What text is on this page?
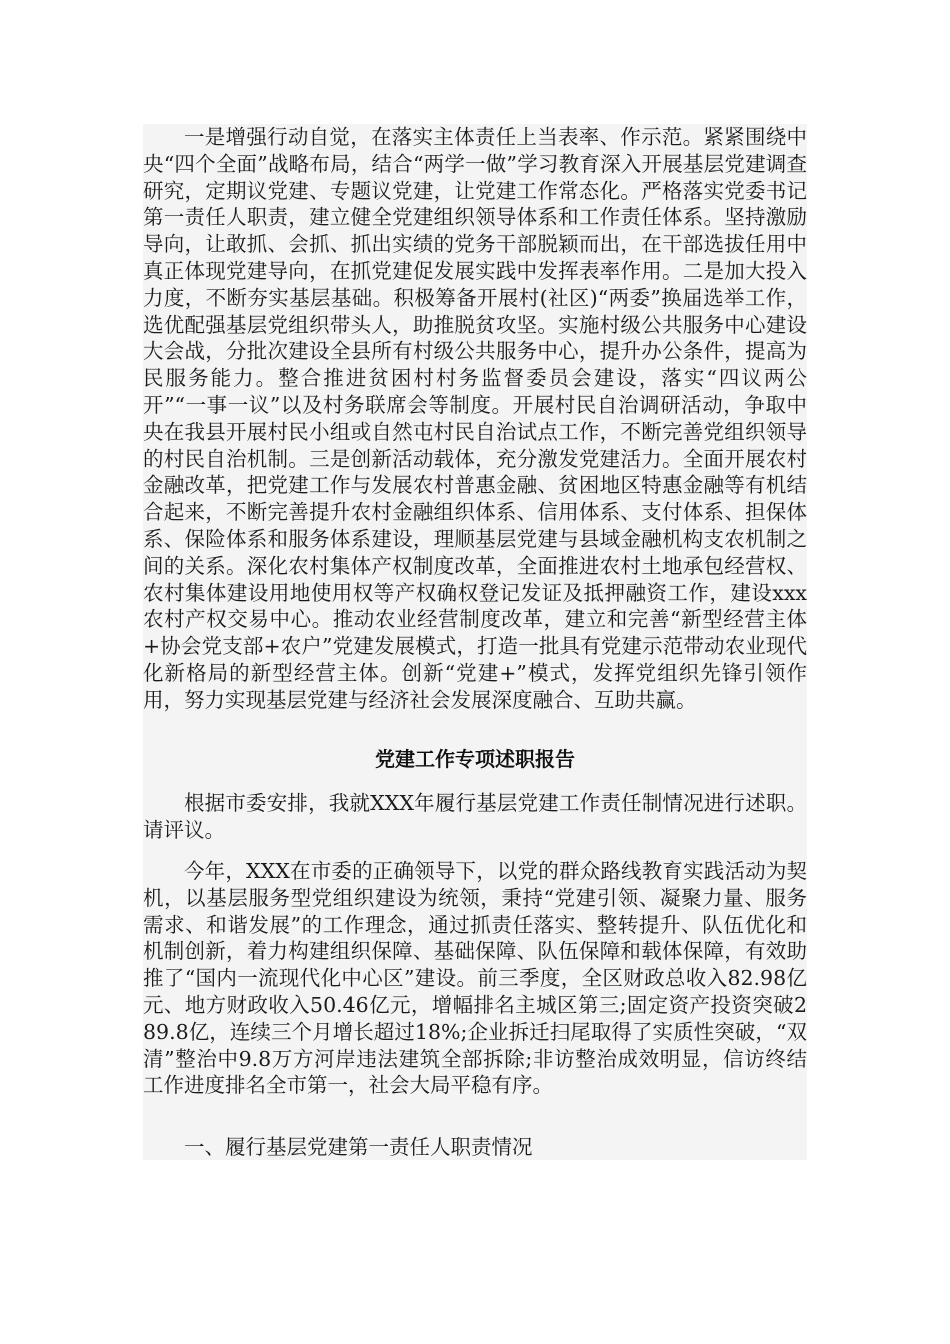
一是增强行动自觉，在落实主体责任上当表率、作示范。紧紧围绕中央“四个全面”战略布局，结合“两学一做”学习教育深入开展基层党建调查研究，定期议党建、专题议党建，让党建工作常态化。严格落实党委书记第一责任人职责，建立健全党建组织领导体系和工作责任体系。坚持激励导向，让敢抓、会抓、抓出实绩的党务干部脱颖而出，在干部选拔任用中真正体现党建导向，在抓党建促发展实践中发挥表率作用。二是加大投入力度，不断夯实基层基础。积极筹备开展村(社区)“两委”换届选举工作，选优配强基层党组织带头人，助推脱贫攻坚。实施村级公共服务中心建设大会战，分批次建设全县所有村级公共服务中心，提升办公条件，提高为民服务能力。整合推进贫困村村务监督委员会建设，落实“四议两公开”“一事一议”以及村务联席会等制度。开展村民自治调研活动，争取中央在我县开展村民小组或自然屯村民自治试点工作，不断完善党组织领导的村民自治机制。三是创新活动载体，充分激发党建活力。全面开展农村金融改革，把党建工作与发展农村普惠金融、贫困地区特惠金融等有机结合起来，不断完善提升农村金融组织体系、信用体系、支付体系、担保体系、保险体系和服务体系建设，理顺基层党建与县域金融机构支农机制之间的关系。深化农村集体产权制度改革，全面推进农村土地承包经营权、农村集体建设用地使用权等产权确权登记发证及抵押融资工作，建设xxx农村产权交易中心。推动农业经营制度改革，建立和完善“新型经营主体+协会党支部+农户”党建发展模式，打造一批具有党建示范带动农业现代化新格局的新型经营主体。创新“党建+”模式，发挥党组织先锋引领作用，努力实现基层党建与经济社会发展深度融合、互助共赢。

党建工作专项述职报告

根据市委安排，我就XXX年履行基层党建工作责任制情况进行述职。请评议。

今年，XXX在市委的正确领导下，以党的群众路线教育实践活动为契机，以基层服务型党组织建设为统领，秉持“党建引领、凝聚力量、服务需求、和谐发展”的工作理念，通过抓责任落实、整转提升、队伍优化和机制创新，着力构建组织保障、基础保障、队伍保障和载体保障，有效助推了“国内一流现代化中心区”建设。前三季度，全区财政总收入82.98亿元、地方财政收入50.46亿元，增幅排名主城区第三;固定资产投资突破289.8亿，连续三个月增长超过18%;企业拆迁扫尾取得了实质性突破，“双清”整治中9.8万方河岸违法建筑全部拆除;非访整治成效明显，信访终结工作进度排名全市第一，社会大局平稳有序。

一、履行基层党建第一责任人职责情况
